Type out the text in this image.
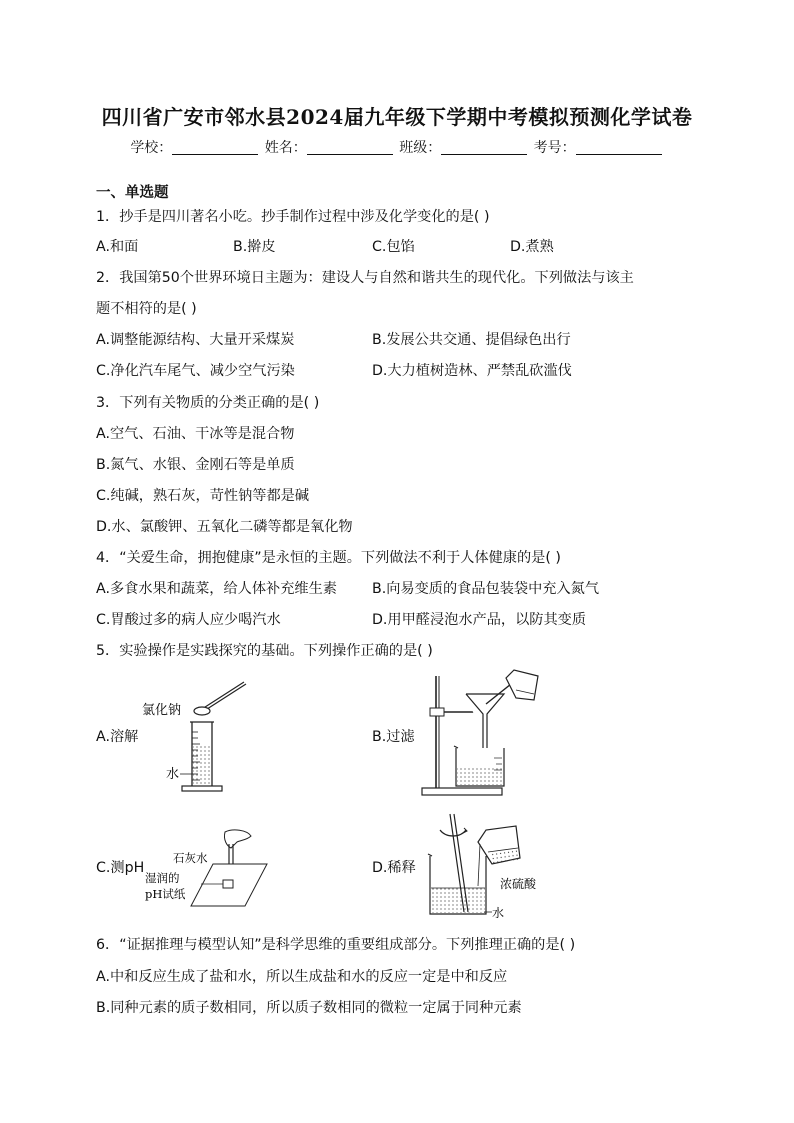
四川省广安市邻水县2024届九年级下学期中考模拟预测化学试卷
学校：	姓名：	班级：	考号：
一、单选题
1．抄手是四川著名小吃。抄手制作过程中涉及化学变化的是( )
A.和面	B.擀皮	C.包馅	D.煮熟
2．我国第50个世界环境日主题为：建设人与自然和谐共生的现代化。下列做法与该主
题不相符的是( )
A.调整能源结构、大量开采煤炭	B.发展公共交通、提倡绿色出行
C.净化汽车尾气、减少空气污染	D.大力植树造林、严禁乱砍滥伐
3．下列有关物质的分类正确的是( )
A.空气、石油、干冰等是混合物
B.氮气、水银、金刚石等是单质
C.纯碱，熟石灰，苛性钠等都是碱
D.水、氯酸钾、五氧化二磷等都是氧化物
4．“关爱生命，拥抱健康”是永恒的主题。下列做法不利于人体健康的是( )
A.多食水果和蔬菜，给人体补充维生素 B.向易变质的食品包装袋中充入氮气
C.胃酸过多的病人应少喝汽水	D.用甲醛浸泡水产品，以防其变质
5．实验操作是实践探究的基础。下列操作正确的是( )
A.溶解	B.过滤
C.测pH	D.稀释
氯化钠
水
石灰水
湿润的
pH试纸
浓硫酸
水
6．“证据推理与模型认知”是科学思维的重要组成部分。下列推理正确的是( )
A.中和反应生成了盐和水，所以生成盐和水的反应一定是中和反应
B.同种元素的质子数相同，所以质子数相同的微粒一定属于同种元素
